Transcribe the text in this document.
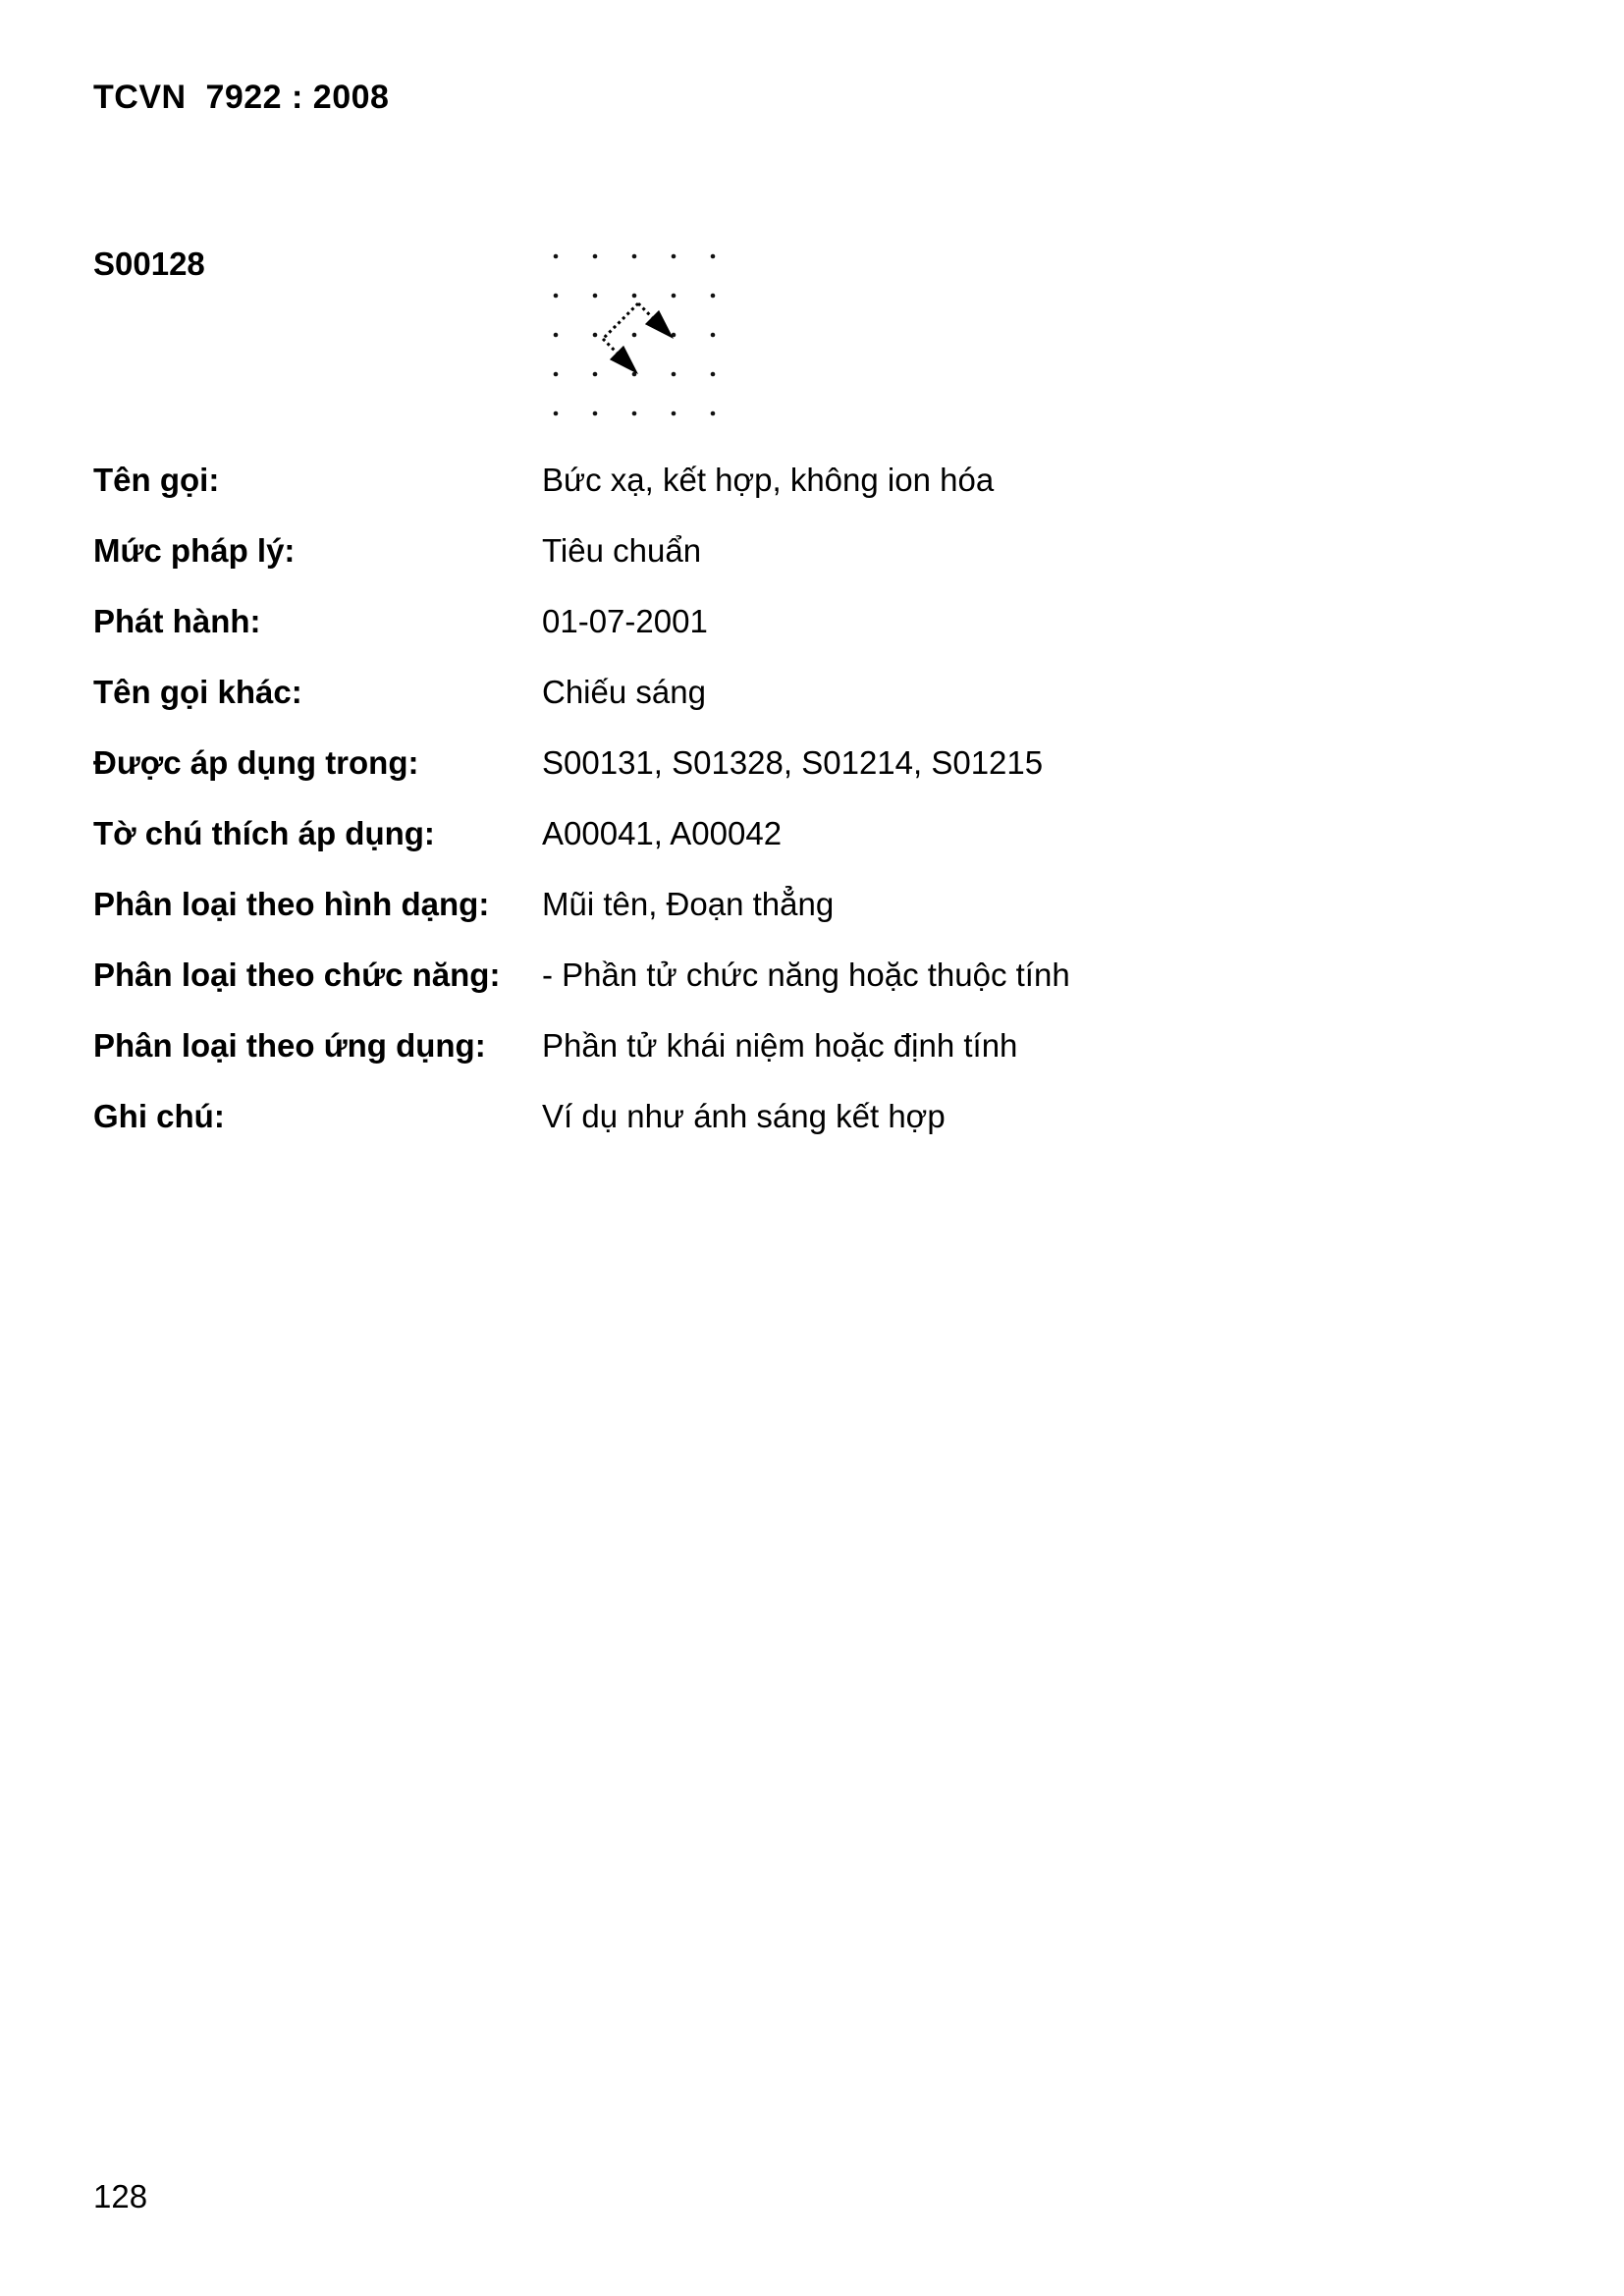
TCVN  7922 : 2008
S00128
Tên gọi:	Bức xạ, kết hợp, không ion hóa
Mức pháp lý:	Tiêu chuẩn
Phát hành:	01-07-2001
Tên gọi khác:	Chiếu sáng
Được áp dụng trong:	S00131, S01328, S01214, S01215
Tờ chú thích áp dụng:	A00041, A00042
Phân loại theo hình dạng:	Mũi tên, Đoạn thẳng
Phân loại theo chức năng:	- Phần tử chức năng hoặc thuộc tính
Phân loại theo ứng dụng:	Phần tử khái niệm hoặc định tính
Ghi chú:	Ví dụ như ánh sáng kết hợp
128
